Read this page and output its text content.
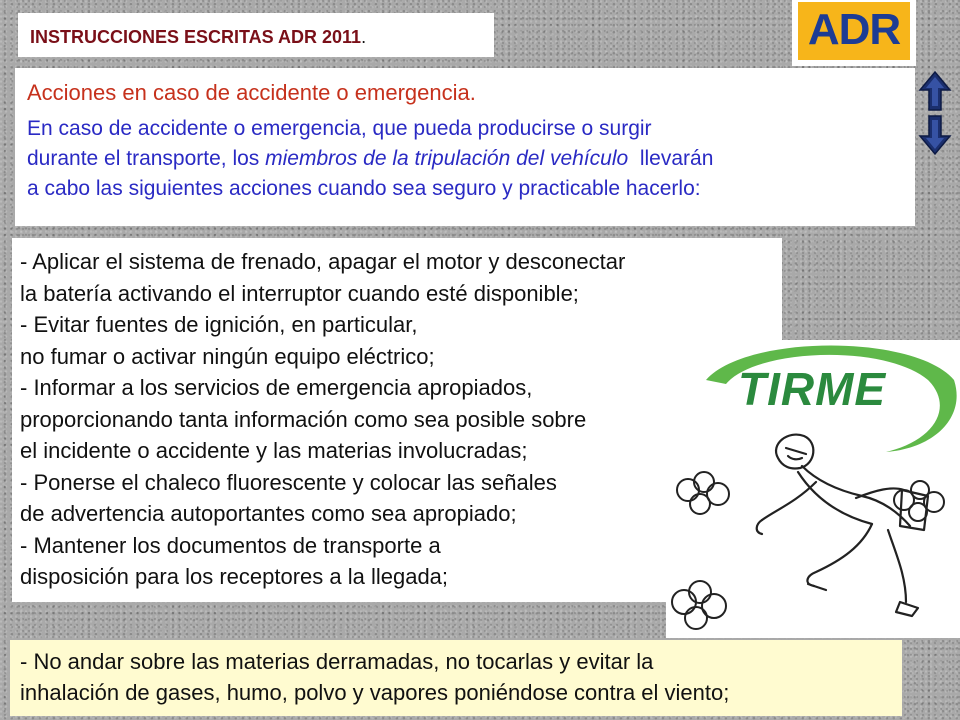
INSTRUCCIONES ESCRITAS ADR 2011.	ADR

Acciones en caso de accidente o emergencia.

En caso de accidente o emergencia, que pueda producirse o surgir
durante el transporte, los miembros de la tripulación del vehículo  llevarán
a cabo las siguientes acciones cuando sea seguro y practicable hacerlo:

- Aplicar el sistema de frenado, apagar el motor y desconectar
la batería activando el interruptor cuando esté disponible;
- Evitar fuentes de ignición, en particular,
no fumar o activar ningún equipo eléctrico;
- Informar a los servicios de emergencia apropiados,
proporcionando tanta información como sea posible sobre
el incidente o accidente y las materias involucradas;
- Ponerse el chaleco fluorescente y colocar las señales
de advertencia autoportantes como sea apropiado;
- Mantener los documentos de transporte a
disposición para los receptores a la llegada;
TIRME
- No andar sobre las materias derramadas, no tocarlas y evitar la
inhalación de gases, humo, polvo y vapores poniéndose contra el viento;
